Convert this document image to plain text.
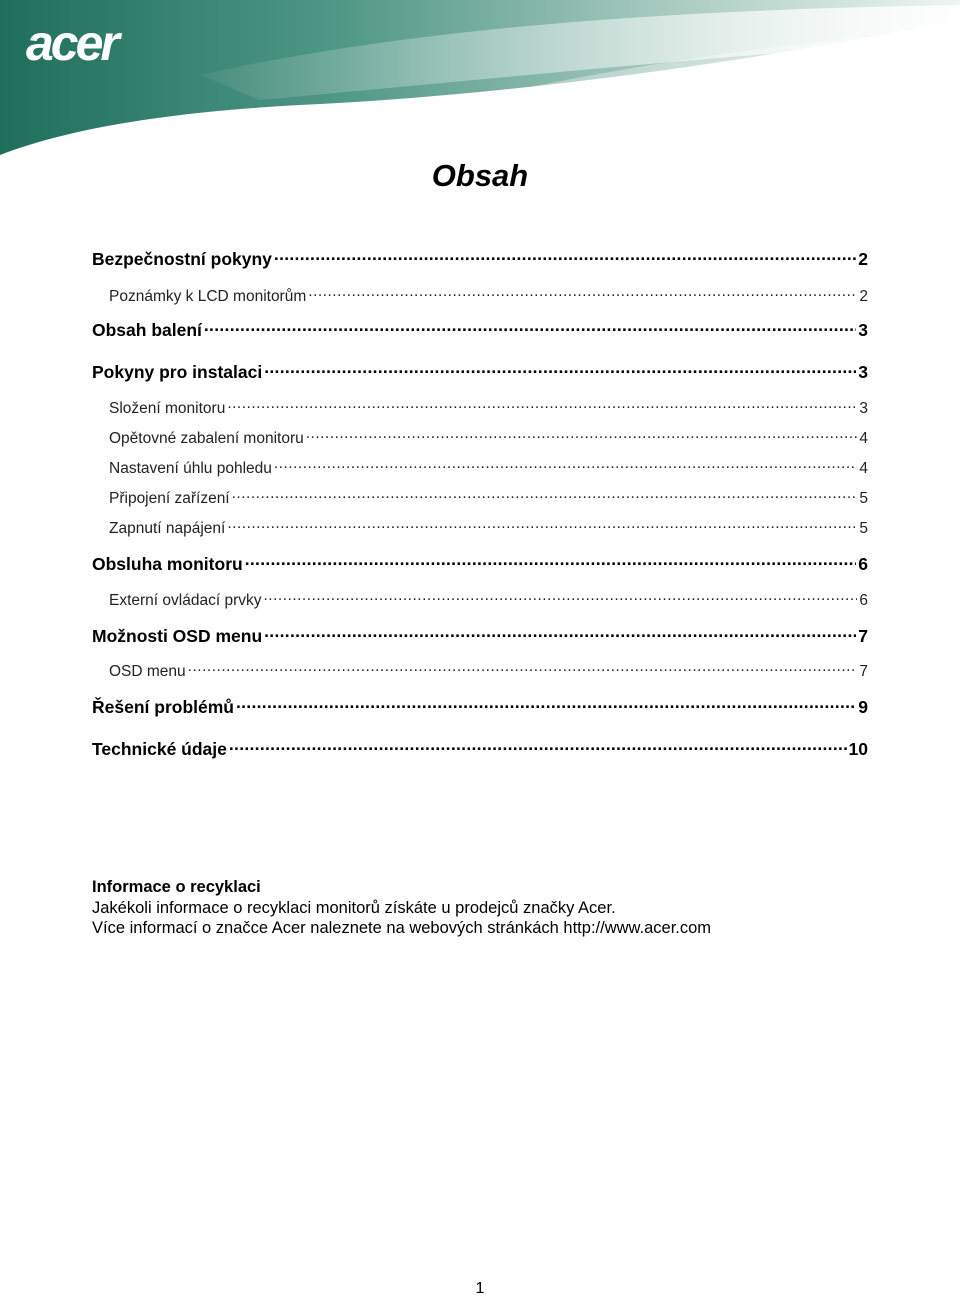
acer
Obsah
Bezpečnostní pokyny .....	2
Poznámky k LCD monitorům .....	2
Obsah balení .....	3
Pokyny pro instalaci .....	3
Složení monitoru .....	3
Opětovné zabalení monitoru .....	4
Nastavení úhlu pohledu .....	4
Připojení zařízení .....	5
Zapnutí napájení .....	5
Obsluha monitoru .....	6
Externí ovládací prvky .....	6
Možnosti OSD menu .....	7
OSD menu .....	7
Řešení problémů .....	9
Technické údaje .....	10
Informace o recyklaci
Jakékoli informace o recyklaci monitorů získáte u prodejců značky Acer.
Více informací o značce Acer naleznete na webových stránkách http://www.acer.com
1
